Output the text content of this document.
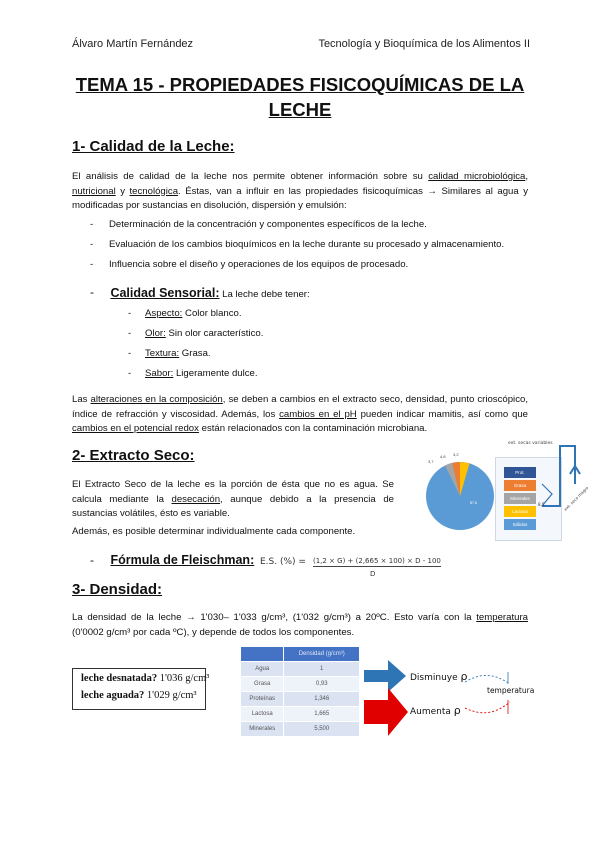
Álvaro Martín Fernández	Tecnología y Bioquímica de los Alimentos II
TEMA 15 - PROPIEDADES FISICOQUÍMICAS DE LA
LECHE
1- Calidad de la Leche:
El análisis de calidad de la leche nos permite obtener información sobre su calidad microbiológica, nutricional y tecnológica. Éstas, van a influir en las propiedades fisicoquímicas → Similares al agua y modificadas por sustancias en disolución, dispersión y emulsión:
- Determinación de la concentración y componentes específicos de la leche.
- Evaluación de los cambios bioquímicos en la leche durante su procesado y almacenamiento.
- Influencia sobre el diseño y operaciones de los equipos de procesado.
- Calidad Sensorial: La leche debe tener:
- Aspecto: Color blanco.
- Olor: Sin olor característico.
- Textura: Grasa.
- Sabor: Ligeramente dulce.
Las alteraciones en la composición, se deben a cambios en el extracto seco, densidad, punto crioscópico, índice de refracción y viscosidad. Además, los cambios en el pH pueden indicar mamitis, así como que cambios en el potencial redox están relacionados con la contaminación microbiana.
2- Extracto Seco:
El Extracto Seco de la leche es la porción de ésta que no es agua. Se calcula mediante la desecación, aunque debido a la presencia de sustancias volátiles, ésto es variable.
Además, es posible determinar individualmente cada componente.
- Fórmula de Fleischman: E.S. (%) = (1,2 × G) + (2,665 × 100) × D - 100
D
87,5
3,7
4,8 3,2
ext. secas variables
Prot.
Grasa
Minerales
Lactosa
Sólidos
8,5	ext. seco magro
3- Densidad:
La densidad de la leche → 1'030– 1'033 g/cm³, (1'032 g/cm³) a 20ºC. Esto varía con la temperatura (0'0002 g/cm³ por cada ºC), y depende de todos los componentes.
leche desnatada? 1'036 g/cm³
leche aguada? 1'029 g/cm³
	Densidad (g/cm³)
Agua	1
Grasa	0,93
Proteínas	1,346
Lactosa	1,665
Minerales	5,500
Disminuye ρ
Aumenta ρ
temperatura
